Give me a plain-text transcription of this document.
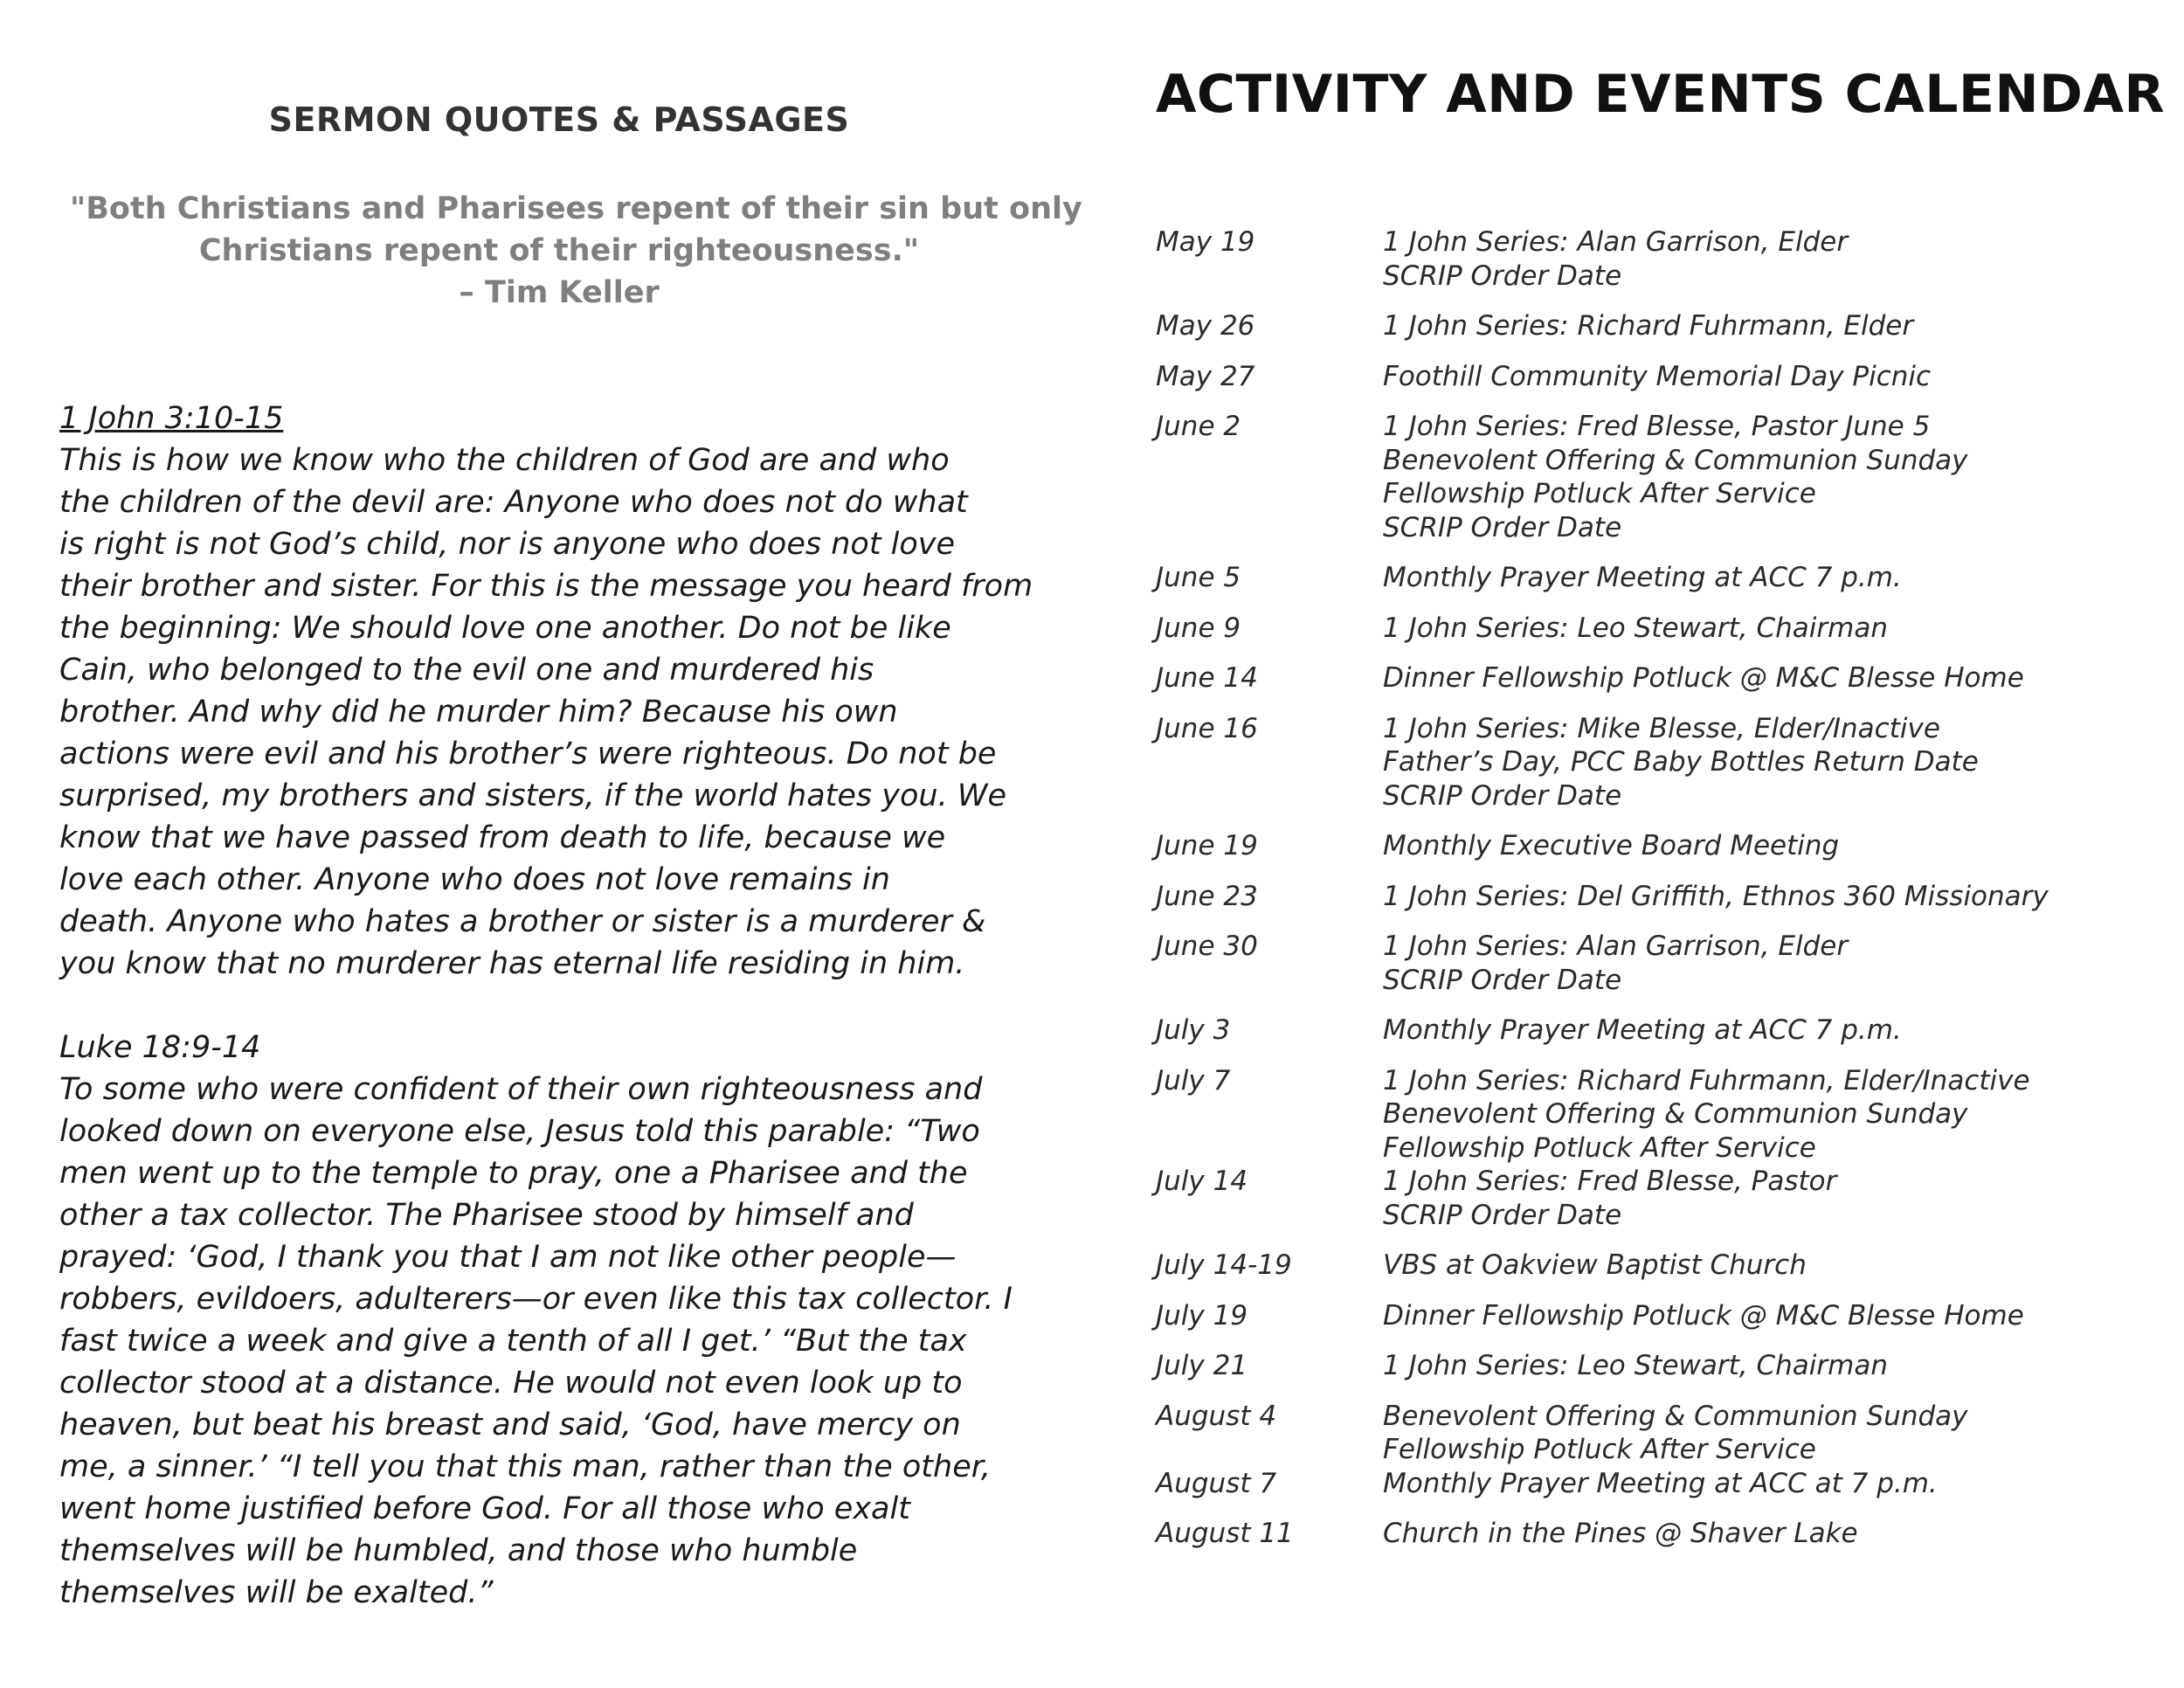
SERMON QUOTES & PASSAGES
"Both Christians and Pharisees repent of their sin but only
Christians repent of their righteousness."
– Tim Keller
1 John 3:10-15
This is how we know who the children of God are and who
the children of the devil are: Anyone who does not do what
is right is not God’s child, nor is anyone who does not love
their brother and sister. For this is the message you heard from
the beginning: We should love one another. Do not be like
Cain, who belonged to the evil one and murdered his
brother. And why did he murder him? Because his own
actions were evil and his brother’s were righteous. Do not be
surprised, my brothers and sisters, if the world hates you. We
know that we have passed from death to life, because we
love each other. Anyone who does not love remains in
death. Anyone who hates a brother or sister is a murderer &
you know that no murderer has eternal life residing in him.
Luke 18:9-14
To some who were confident of their own righteousness and
looked down on everyone else, Jesus told this parable: “Two
men went up to the temple to pray, one a Pharisee and the
other a tax collector. The Pharisee stood by himself and
prayed: ‘God, I thank you that I am not like other people—
robbers, evildoers, adulterers—or even like this tax collector. I
fast twice a week and give a tenth of all I get.’ “But the tax
collector stood at a distance. He would not even look up to
heaven, but beat his breast and said, ‘God, have mercy on
me, a sinner.’ “I tell you that this man, rather than the other,
went home justified before God. For all those who exalt
themselves will be humbled, and those who humble
themselves will be exalted.”
ACTIVITY AND EVENTS CALENDAR
May 19	1 John Series: Alan Garrison, Elder
SCRIP Order Date
May 26	1 John Series: Richard Fuhrmann, Elder
May 27	Foothill Community Memorial Day Picnic
June 2	1 John Series: Fred Blesse, Pastor June 5
Benevolent Offering & Communion Sunday
Fellowship Potluck After Service
SCRIP Order Date
June 5	Monthly Prayer Meeting at ACC 7 p.m.
June 9	1 John Series: Leo Stewart, Chairman
June 14	Dinner Fellowship Potluck @ M&C Blesse Home
June 16	1 John Series: Mike Blesse, Elder/Inactive
Father’s Day, PCC Baby Bottles Return Date
SCRIP Order Date
June 19	Monthly Executive Board Meeting
June 23	1 John Series: Del Griffith, Ethnos 360 Missionary
June 30	1 John Series: Alan Garrison, Elder
SCRIP Order Date
July 3	Monthly Prayer Meeting at ACC 7 p.m.
July 7	1 John Series: Richard Fuhrmann, Elder/Inactive
Benevolent Offering & Communion Sunday
Fellowship Potluck After Service
July 14	1 John Series: Fred Blesse, Pastor
SCRIP Order Date
July 14-19	VBS at Oakview Baptist Church
July 19	Dinner Fellowship Potluck @ M&C Blesse Home
July 21	1 John Series: Leo Stewart, Chairman
August 4	Benevolent Offering & Communion Sunday
Fellowship Potluck After Service
August 7	Monthly Prayer Meeting at ACC at 7 p.m.
August 11	Church in the Pines @ Shaver Lake
